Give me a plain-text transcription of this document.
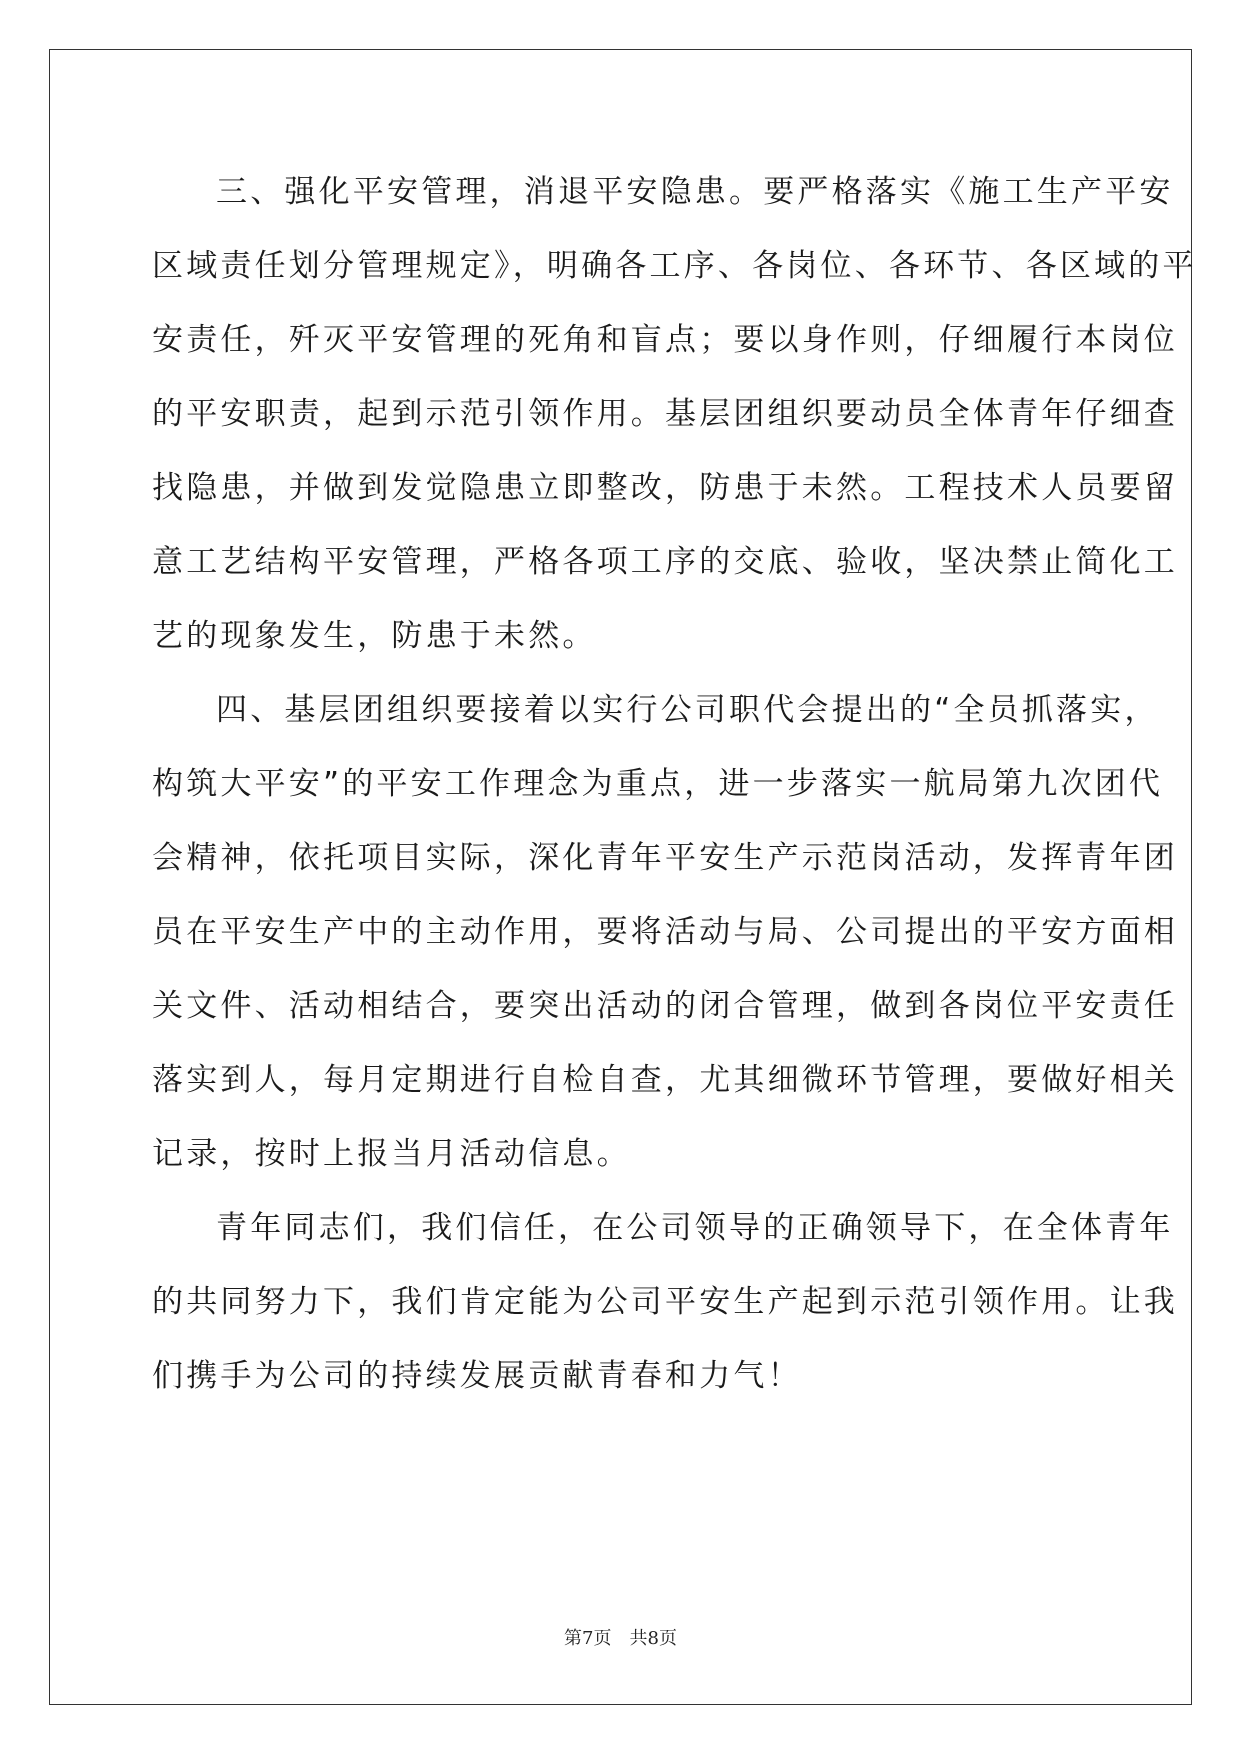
三、强化平安管理，消退平安隐患。要严格落实《施工生产平安
区域责任划分管理规定》，明确各工序、各岗位、各环节、各区域的平
安责任，歼灭平安管理的死角和盲点；要以身作则，仔细履行本岗位
的平安职责，起到示范引领作用。基层团组织要动员全体青年仔细查
找隐患，并做到发觉隐患立即整改，防患于未然。工程技术人员要留
意工艺结构平安管理，严格各项工序的交底、验收，坚决禁止简化工
艺的现象发生，防患于未然。

四、基层团组织要接着以实行公司职代会提出的“全员抓落实，
构筑大平安”的平安工作理念为重点，进一步落实一航局第九次团代
会精神，依托项目实际，深化青年平安生产示范岗活动，发挥青年团
员在平安生产中的主动作用，要将活动与局、公司提出的平安方面相
关文件、活动相结合，要突出活动的闭合管理，做到各岗位平安责任
落实到人，每月定期进行自检自查，尤其细微环节管理，要做好相关
记录，按时上报当月活动信息。

青年同志们，我们信任，在公司领导的正确领导下，在全体青年
的共同努力下，我们肯定能为公司平安生产起到示范引领作用。让我
们携手为公司的持续发展贡献青春和力气！

第7页 共8页
